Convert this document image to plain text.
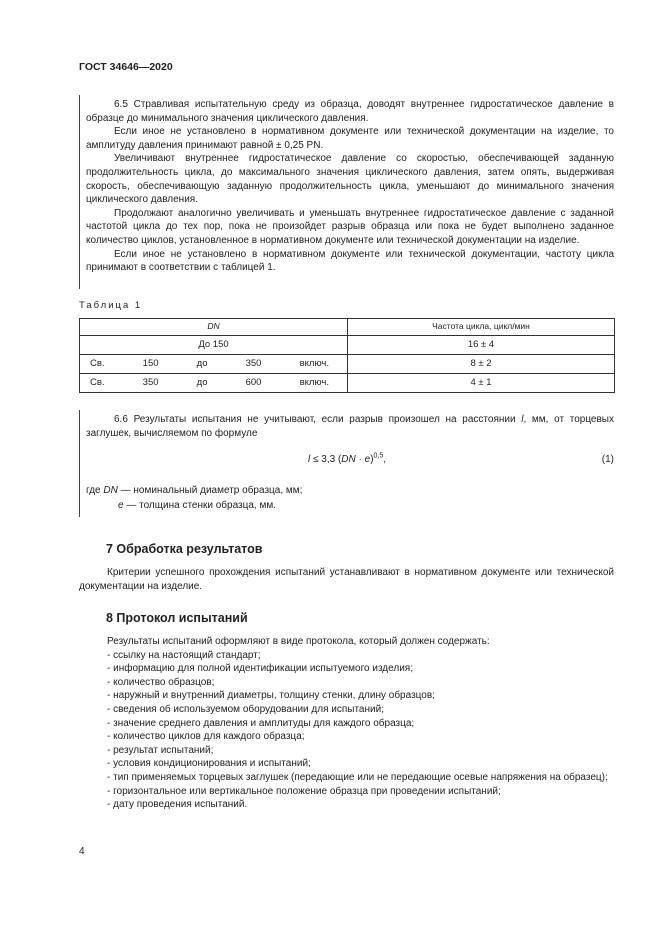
ГОСТ 34646—2020

6.5 Стравливая испытательную среду из образца, доводят внутреннее гидростатическое давление в образце до минимального значения циклического давления.

Если иное не установлено в нормативном документе или технической документации на изделие, то амплитуду давления принимают равной ± 0,25 PN.

Увеличивают внутреннее гидростатическое давление со скоростью, обеспечивающей заданную продолжительность цикла, до максимального значения циклического давления, затем опять, выдерживая скорость, обеспечивающую заданную продолжительность цикла, уменьшают до минимального значения циклического давления.

Продолжают аналогично увеличивать и уменьшать внутреннее гидростатическое давление с заданной частотой цикла до тех пор, пока не произойдет разрыв образца или пока не будет выполнено заданное количество циклов, установленное в нормативном документе или технической документации на изделие.

Если иное не установлено в нормативном документе или технической документации, частоту цикла принимают в соответствии с таблицей 1.

Таблица 1
DN	Частота цикла, цикл/мин
До 150	16 ± 4

Св. 150 до 350 включ.	8 ± 2

Св. 350 до 600 включ.	4 ± 1

6.6 Результаты испытания не учитывают, если разрыв произошел на расстоянии l, мм, от торцевых заглушек, вычисляемом по формуле

l ≤ 3,3 (DN · e)$^{0,5}$,	(1)
где DN — номинальный диаметр образца, мм;
e — толщина стенки образца, мм.
7 Обработка результатов

Критерии успешного прохождения испытаний устанавливают в нормативном документе или технической документации на изделие.

8 Протокол испытаний

Результаты испытаний оформляют в виде протокола, который должен содержать:

- ссылку на настоящий стандарт;
- информацию для полной идентификации испытуемого изделия;
- количество образцов;
- наружный и внутренний диаметры, толщину стенки, длину образцов;
- сведения об используемом оборудовании для испытаний;
- значение среднего давления и амплитуды для каждого образца;
- количество циклов для каждого образца;
- результат испытаний;
- условия кондиционирования и испытаний;
- тип применяемых торцевых заглушек (передающие или не передающие осевые напряжения на образец);
- горизонтальное или вертикальное положение образца при проведении испытаний;
- дату проведения испытаний.
4
